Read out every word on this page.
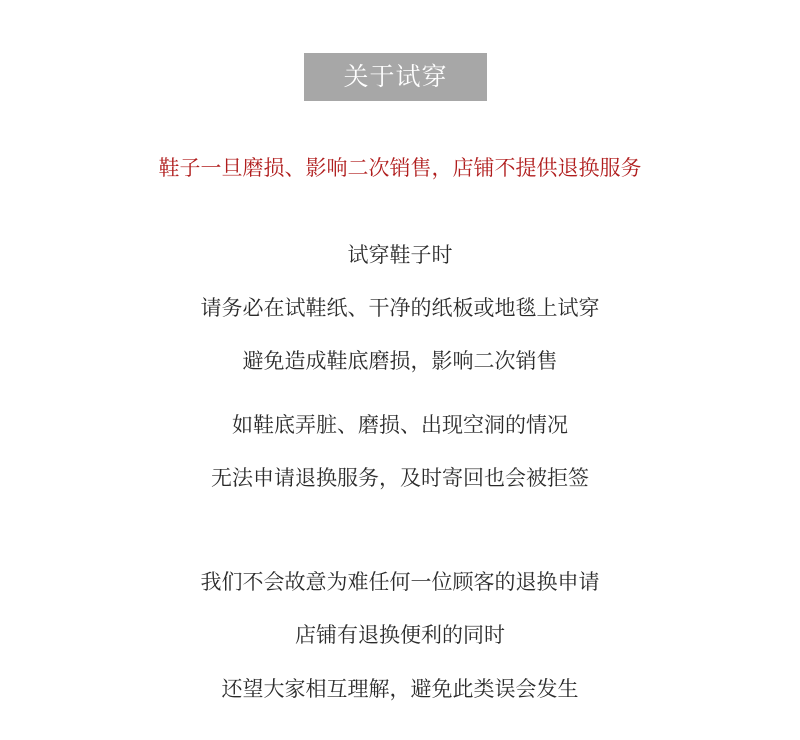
关于试穿
鞋子一旦磨损、影响二次销售，店铺不提供退换服务
试穿鞋子时
请务必在试鞋纸、干净的纸板或地毯上试穿
避免造成鞋底磨损，影响二次销售
如鞋底弄脏、磨损、出现空洞的情况
无法申请退换服务，及时寄回也会被拒签
我们不会故意为难任何一位顾客的退换申请
店铺有退换便利的同时
还望大家相互理解，避免此类误会发生
